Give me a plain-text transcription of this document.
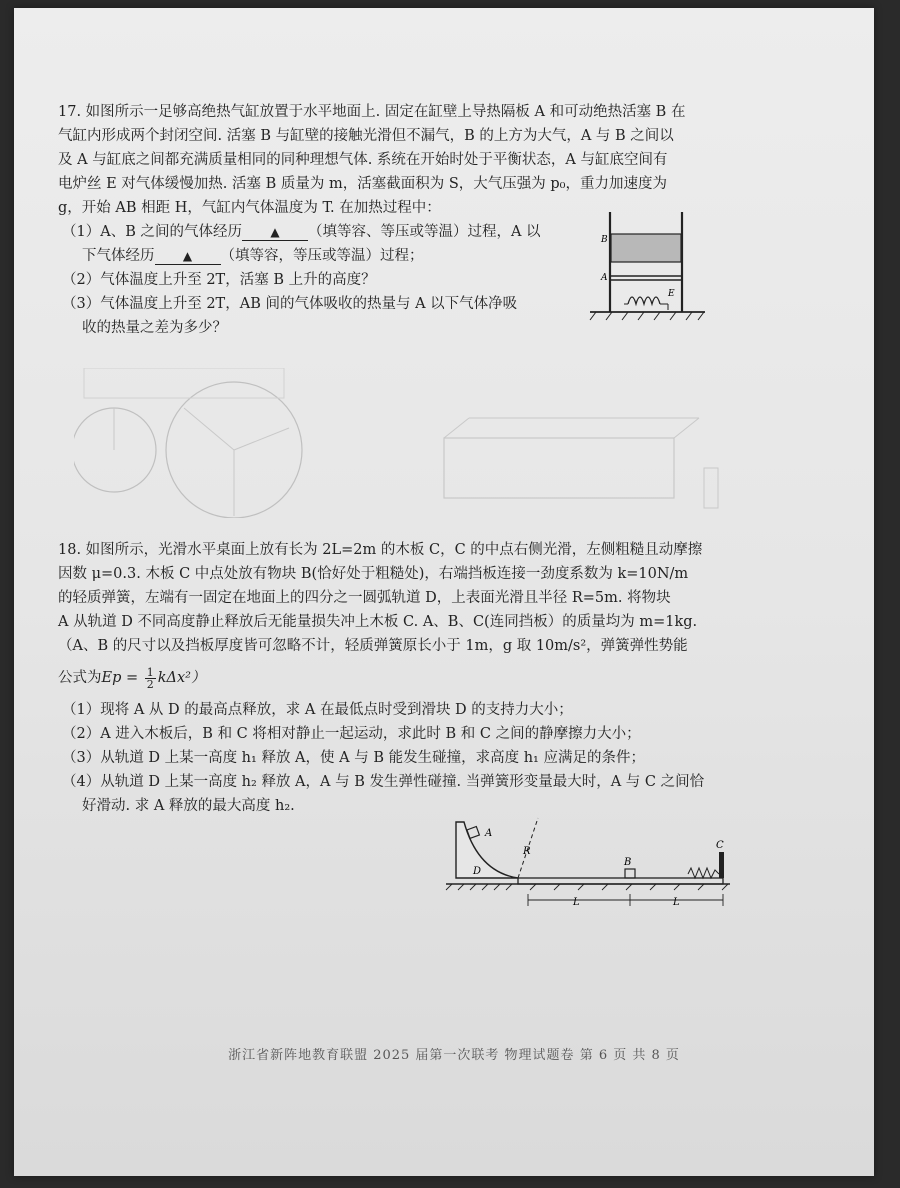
17. 如图所示一足够高绝热气缸放置于水平地面上. 固定在缸壁上导热隔板 A 和可动绝热活塞 B 在

气缸内形成两个封闭空间. 活塞 B 与缸壁的接触光滑但不漏气，B 的上方为大气，A 与 B 之间以

及 A 与缸底之间都充满质量相同的同种理想气体. 系统在开始时处于平衡状态，A 与缸底空间有

电炉丝 E 对气体缓慢加热. 活塞 B 质量为 m，活塞截面积为 S，大气压强为 p₀，重力加速度为

g，开始 AB 相距 H，气缸内气体温度为 T. 在加热过程中：

（1）A、B 之间的气体经历 ▲ （填等容、等压或等温）过程，A 以

下气体经历 ▲ （填等容，等压或等温）过程；

（2）气体温度上升至 2T，活塞 B 上升的高度？

（3）气体温度上升至 2T，AB 间的气体吸收的热量与 A 以下气体净吸

收的热量之差为多少？

B
A
E

18. 如图所示，光滑水平桌面上放有长为 2L=2m 的木板 C，C 的中点右侧光滑，左侧粗糙且动摩擦

因数 μ=0.3. 木板 C 中点处放有物块 B(恰好处于粗糙处)，右端挡板连接一劲度系数为 k=10N/m

的轻质弹簧，左端有一固定在地面上的四分之一圆弧轨道 D，上表面光滑且半径 R=5m. 将物块

A 从轨道 D 不同高度静止释放后无能量损失冲上木板 C. A、B、C(连同挡板）的质量均为 m=1kg.

（A、B 的尺寸以及挡板厚度皆可忽略不计，轻质弹簧原长小于 1m，g 取 10m/s²，弹簧弹性势能

公式为$Ep = \frac{1}{2} k\Delta x^2$）

（1）现将 A 从 D 的最高点释放，求 A 在最低点时受到滑块 D 的支持力大小；

（2）A 进入木板后，B 和 C 将相对静止一起运动，求此时 B 和 C 之间的静摩擦力大小；

（3）从轨道 D 上某一高度 h₁ 释放 A，使 A 与 B 能发生碰撞，求高度 h₁ 应满足的条件；

（4）从轨道 D 上某一高度 h₂ 释放 A，A 与 B 发生弹性碰撞. 当弹簧形变量最大时，A 与 C 之间恰

好滑动. 求 A 释放的最大高度 h₂.

A
R
D
B
C
L	L
浙江省新阵地教育联盟 2025 届第一次联考 物理试题卷 第 6 页 共 8 页
